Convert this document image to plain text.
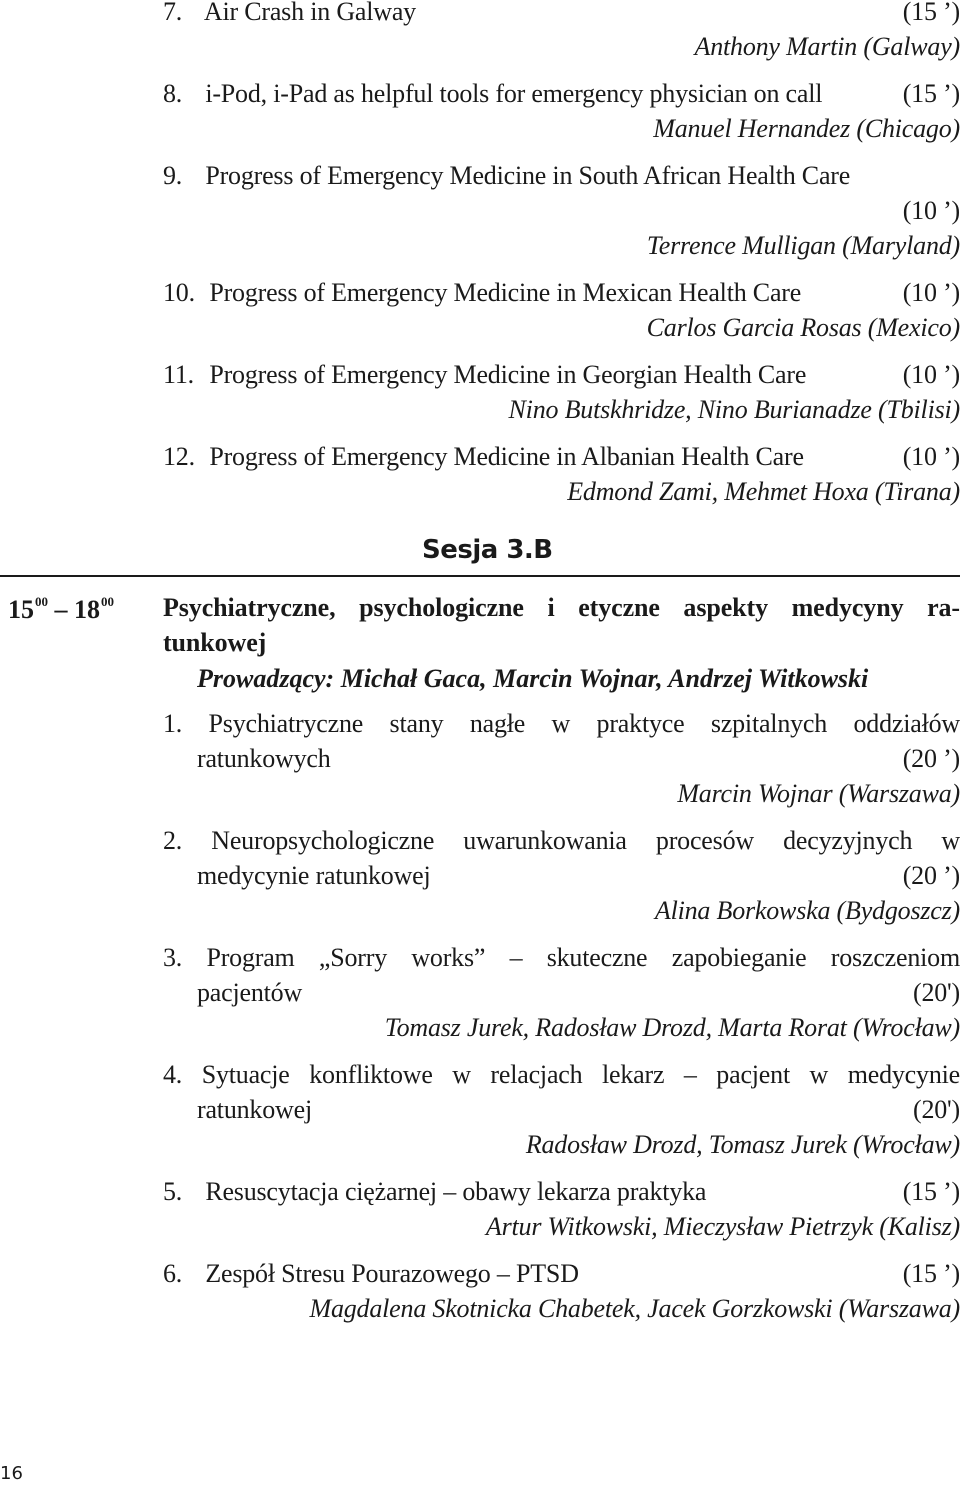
7. Air Crash in Galway	(15 ’)
Anthony Martin (Galway)
8. i-Pod, i-Pad as helpful tools for emergency physician on call	(15 ’)
Manuel Hernandez (Chicago)
9. Progress of Emergency Medicine in South African Health Care
(10 ’)
Terrence Mulligan (Maryland)
10. Progress of Emergency Medicine in Mexican Health Care	(10 ’)
Carlos Garcia Rosas (Mexico)
11. Progress of Emergency Medicine in Georgian Health Care	(10 ’)
Nino Butskhridze, Nino Burianadze (Tbilisi)
12. Progress of Emergency Medicine in Albanian Health Care	(10 ’)
Edmond Zami, Mehmet Hoxa (Tirana)
Sesja 3.B
$15^{00} - 18^{00}$ Psychiatryczne, psychologiczne i etyczne aspekty medycyny ra-
tunkowej
Prowadzący: Michał Gaca, Marcin Wojnar, Andrzej Witkowski
1. Psychiatryczne stany nagłe w praktyce szpitalnych oddziałów
ratunkowych	(20 ’)
Marcin Wojnar (Warszawa)
2. Neuropsychologiczne uwarunkowania procesów decyzyjnych w
medycynie ratunkowej	(20 ’)
Alina Borkowska (Bydgoszcz)
3. Program „Sorry works” – skuteczne zapobieganie roszczeniom
pacjentów	(20')
Tomasz Jurek, Radosław Drozd, Marta Rorat (Wrocław)
4. Sytuacje konfliktowe w relacjach lekarz – pacjent w medycynie
ratunkowej	(20')
Radosław Drozd, Tomasz Jurek (Wrocław)
5. Resuscytacja ciężarnej – obawy lekarza praktyka	(15 ’)
Artur Witkowski, Mieczysław Pietrzyk (Kalisz)
6. Zespół Stresu Pourazowego – PTSD	(15 ’)
Magdalena Skotnicka Chabetek, Jacek Gorzkowski (Warszawa)
16
